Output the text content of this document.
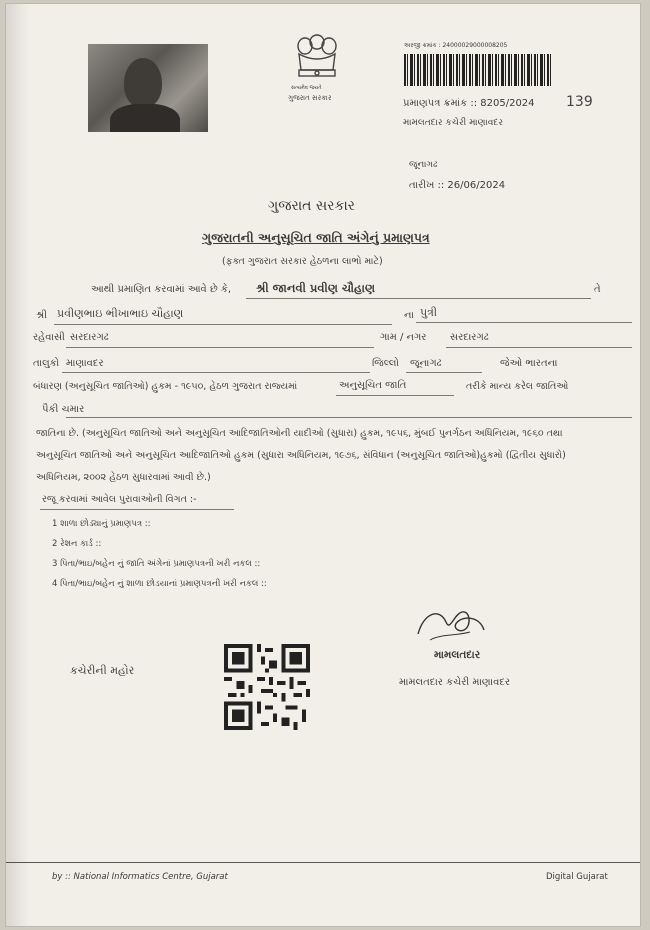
સત્યમેવ જયતે
ગુજરાત સરકાર
અરજી ક્રમાંક : 24000029000008205
પ્રમાણપત્ર ક્રમાંક :: 8205/2024 139
મામલતદાર કચેરી માણાવદર
જૂનાગઢ
તારીખ :: 26/06/2024
ગુજરાત સરકાર
ગુજરાતની અનુસૂચિત જાતિ અંગેનું પ્રમાણપત્ર
(ફક્ત ગુજરાત સરકાર હેઠળના લાભો માટે)
આથી પ્રમાણિત કરવામાં આવે છે કે, શ્રી જાનવી પ્રવીણ ચૌહાણ	તે
શ્રી પ્રવીણભાઇ ભીખાભાઇ ચૌહાણ	ના પુત્રી
રહેવાસી સરદારગઢ	ગામ / નગર સરદારગઢ
તાલુકો માણાવદર	જિલ્લો જૂનાગઢ	જેઓ ભારતના
બંધારણ (અનુસૂચિત જાતિઓ) હુકમ - ૧૯૫૦, હેઠળ ગુજરાત રાજ્યમાં	અનુસૂચિત જાતિ	તરીકે માન્ય કરેલ જાતિઓ
પૈકી ચમાર
જાતિના છે. (અનુસૂચિત જાતિઓ અને અનુસૂચિત આદિજાતિઓની યાદીઓ (સુધારા) હુકમ, ૧૯૫૬, મુંબઈ પુનર્ગઠન અધિનિયમ, ૧૯૬૦ તથા
અનુસૂચિત જાતિઓ અને અનુસૂચિત આદિજાતિઓ હુકમ (સુધારા અધિનિયમ, ૧૯૭૬, સંવિધાન (અનુસૂચિત જાતિઓ)હુકમો (દ્વિતીય સુધારો)
અધિનિયમ, ૨૦૦૨ હેઠળ સુધારવામાં આવી છે.)
રજૂ કરવામાં આવેલ પુરાવાઓની વિગત :-
1 શાળા છોડ્યાનું પ્રમાણપત્ર ::
2 રેશન કાર્ડ ::
3 પિતા/ભાઇ/બહેન નું જાતિ અંગેનાં પ્રમાણપત્રની ખરી નકલ ::
4 પિતા/ભાઇ/બહેન નું શાળા છોડયાનાં પ્રમાણપત્રની ખરી નકલ ::
કચેરીની મહોર
મામલતદાર
મામલતદાર કચેરી માણાવદર
by :: National Informatics Centre, Gujarat	Digital Gujarat
